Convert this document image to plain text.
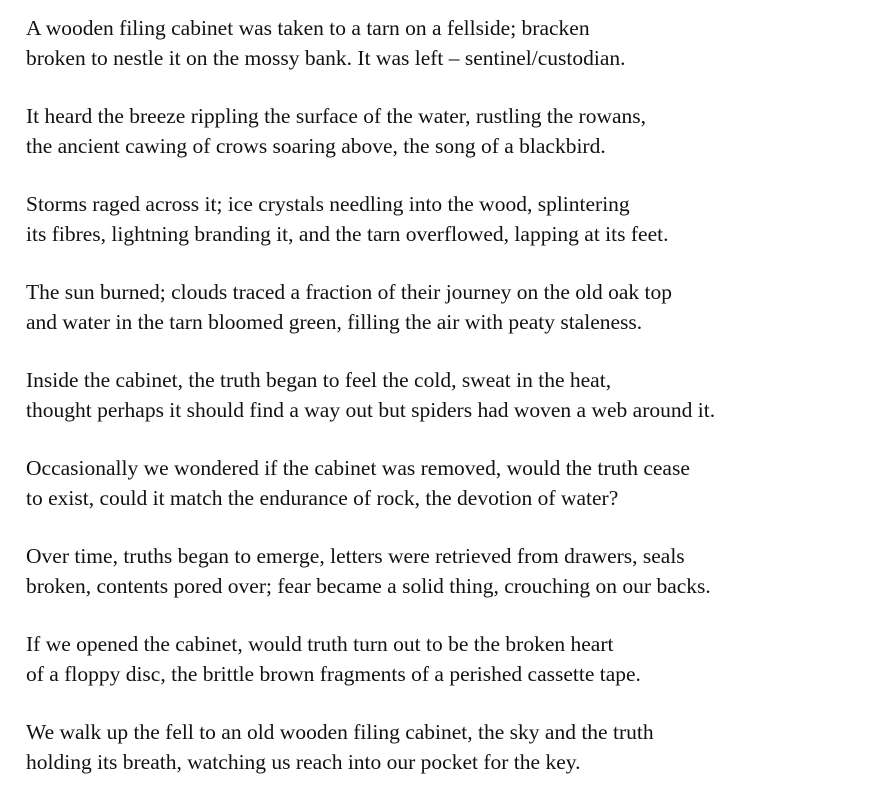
A wooden filing cabinet was taken to a tarn on a fellside; bracken
broken to nestle it on the mossy bank. It was left – sentinel/custodian.
It heard the breeze rippling the surface of the water, rustling the rowans,
the ancient cawing of crows soaring above, the song of a blackbird.
Storms raged across it; ice crystals needling into the wood, splintering
its fibres, lightning branding it, and the tarn overflowed, lapping at its feet.
The sun burned; clouds traced a fraction of their journey on the old oak top
and water in the tarn bloomed green, filling the air with peaty staleness.
Inside the cabinet, the truth began to feel the cold, sweat in the heat,
thought perhaps it should find a way out but spiders had woven a web around it.
Occasionally we wondered if the cabinet was removed, would the truth cease
to exist, could it match the endurance of rock, the devotion of water?
Over time, truths began to emerge, letters were retrieved from drawers, seals
broken, contents pored over; fear became a solid thing, crouching on our backs.
If we opened the cabinet, would truth turn out to be the broken heart
of a floppy disc, the brittle brown fragments of a perished cassette tape.
We walk up the fell to an old wooden filing cabinet, the sky and the truth
holding its breath, watching us reach into our pocket for the key.
